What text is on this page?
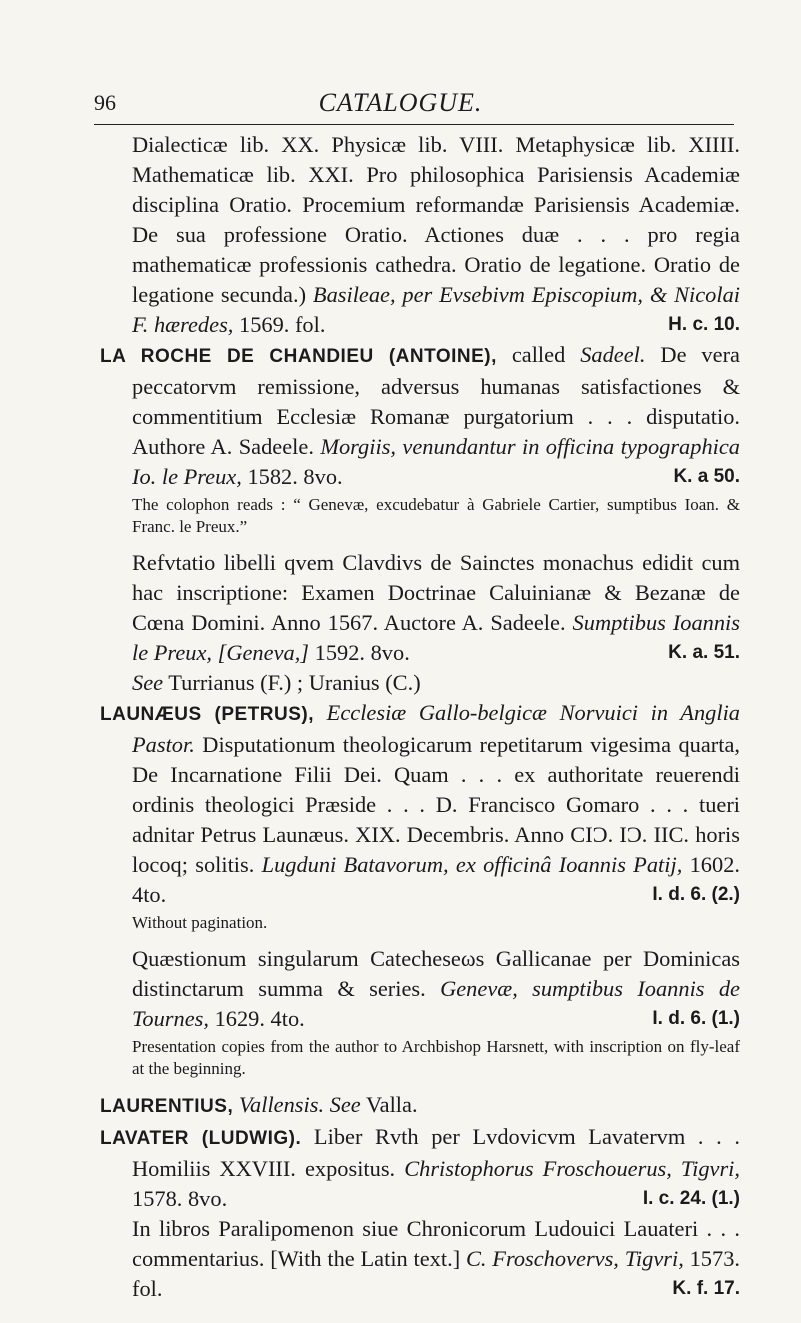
96	CATALOGUE.

Dialecticæ lib. XX. Physicæ lib. VIII. Metaphysicæ lib. XIIII. Mathematicæ lib. XXI. Pro philosophica Parisiensis Academiæ disciplina Oratio. Procemium reformandæ Parisiensis Academiæ. De sua professione Oratio. Actiones duæ . . . pro regia mathematicæ professionis cathedra. Oratio de legatione. Oratio de legatione secunda.) Basileae, per Evsebivm Episcopium, & Nicolai F. hæredes, 1569. fol.	H. c. 10.

LA ROCHE DE CHANDIEU (ANTOINE), called Sadeel. De vera peccatorvm remissione, adversus humanas satisfactiones & commentitium Ecclesiæ Romanæ purgatorium . . . disputatio. Authore A. Sadeele. Morgiis, venundantur in officina typographica Io. le Preux, 1582. 8vo.	K. a 50.

The colophon reads : “ Genevæ, excudebatur à Gabriele Cartier, sumptibus Ioan. & Franc. le Preux.”

Refvtatio libelli qvem Clavdivs de Sainctes monachus edidit cum hac inscriptione: Examen Doctrinae Caluinianæ & Bezanæ de Cœna Domini. Anno 1567. Auctore A. Sadeele. Sumptibus Ioannis le Preux, [Geneva,] 1592. 8vo.	K. a. 51.

See Turrianus (F.) ; Uranius (C.)

LAUNÆUS (PETRUS), Ecclesiæ Gallo-belgicæ Norvuici in Anglia Pastor. Disputationum theologicarum repetitarum vigesima quarta, De Incarnatione Filii Dei. Quam . . . ex authoritate reuerendi ordinis theologici Præside . . . D. Francisco Gomaro . . . tueri adnitar Petrus Launæus. XIX. Decembris. Anno CIƆ. IƆ. IIC. horis locoq; solitis. Lugduni Batavorum, ex officinâ Ioannis Patij, 1602. 4to.	I. d. 6. (2.)

Without pagination.

Quæstionum singularum Catecheseωs Gallicanae per Dominicas distinctarum summa & series. Genevæ, sumptibus Ioannis de Tournes, 1629. 4to.	I. d. 6. (1.)

Presentation copies from the author to Archbishop Harsnett, with inscription on fly-leaf at the beginning.

LAURENTIUS, Vallensis. See Valla.

LAVATER (LUDWIG). Liber Rvth per Lvdovicvm Lavatervm . . . Homiliis XXVIII. expositus. Christophorus Froschouerus, Tigvri, 1578. 8vo.	I. c. 24. (1.)

In libros Paralipomenon siue Chronicorum Ludouici Lauateri . . . commentarius. [With the Latin text.] C. Froschovervs, Tigvri, 1573. fol.	K. f. 17.
